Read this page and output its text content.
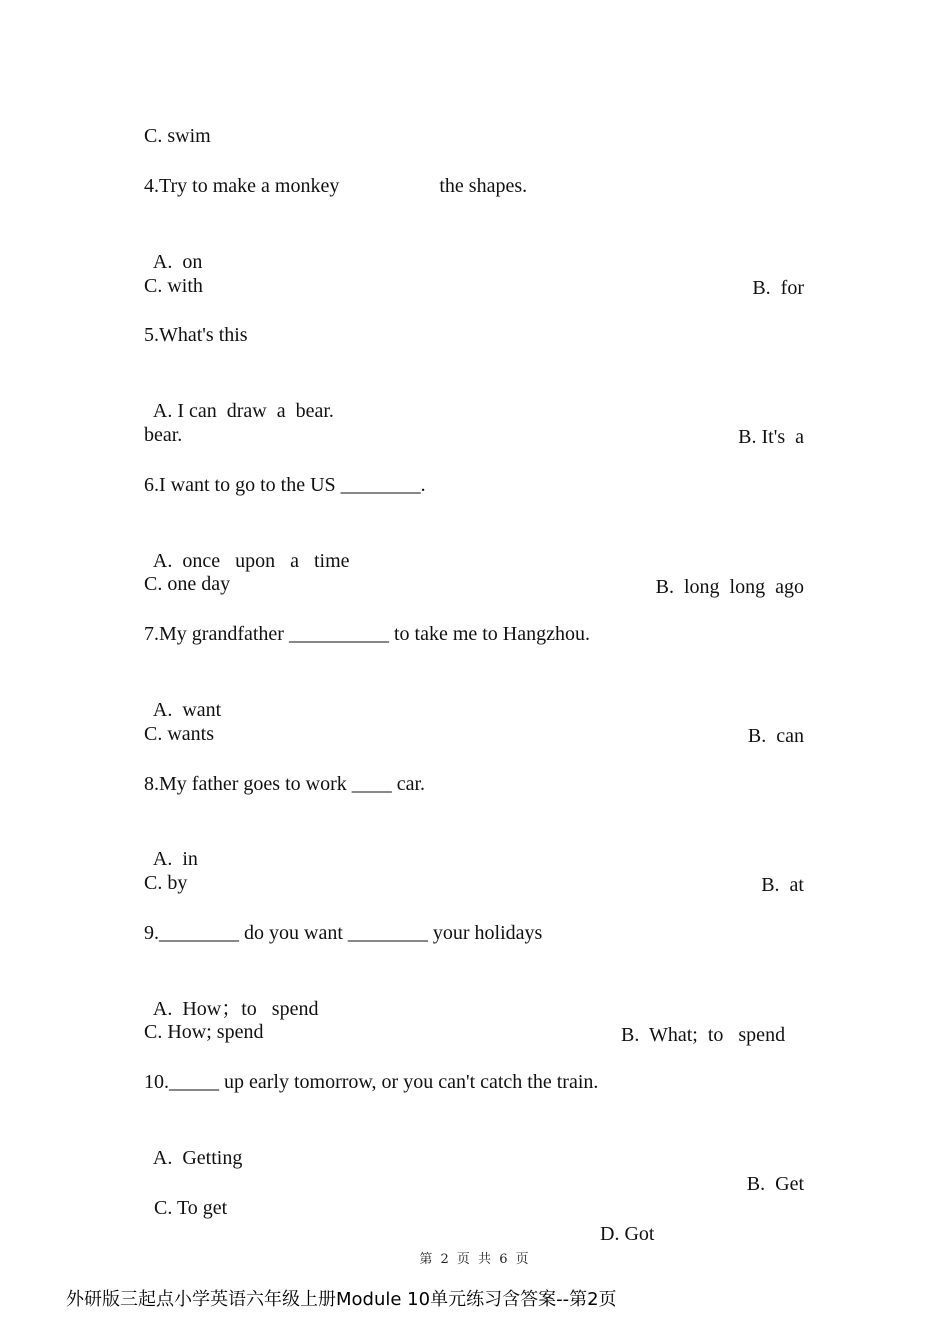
C. swim
4.Try to make a monkey	the shapes.

A.  on

B.  for

C. with
5.What's this

A. I can  draw  a  bear.

B. It's  a

bear.
6.I want to go to the US ________.

A.  once   upon   a   time

B.  long  long  ago

C. one day
7.My grandfather __________ to take me to Hangzhou.

A.  want

B.  can

C. wants
8.My father goes to work ____ car.

A.  in

B.  at

C. by
9.________ do you want ________ your holidays

A.  How；to   spend

B.  What;  to   spend

C. How; spend
10._____ up early tomorrow, or you can't catch the train.

A.  Getting

B.  Get

C. To get

D. Got

第 2 页 共 6 页
外研版三起点小学英语六年级上册Module 10单元练习含答案--第2页
